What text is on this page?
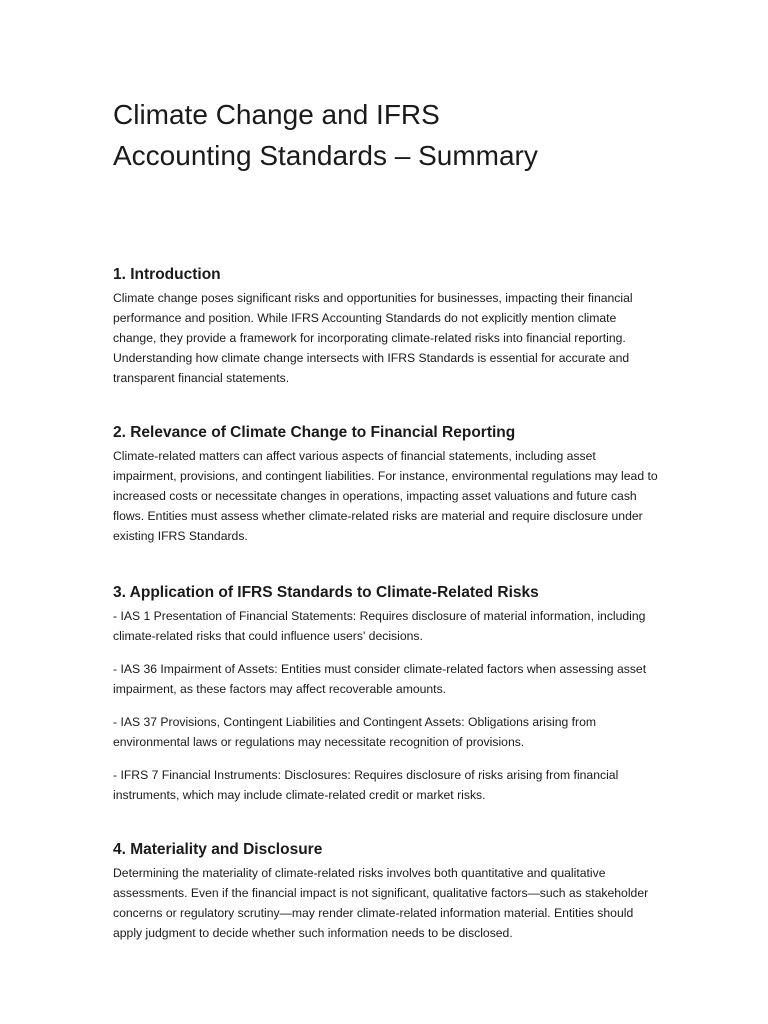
Climate Change and IFRS
Accounting Standards – Summary
1. Introduction

Climate change poses significant risks and opportunities for businesses, impacting their financial performance and position. While IFRS Accounting Standards do not explicitly mention climate change, they provide a framework for incorporating climate-related risks into financial reporting. Understanding how climate change intersects with IFRS Standards is essential for accurate and transparent financial statements.

2. Relevance of Climate Change to Financial Reporting

Climate-related matters can affect various aspects of financial statements, including asset impairment, provisions, and contingent liabilities. For instance, environmental regulations may lead to increased costs or necessitate changes in operations, impacting asset valuations and future cash flows. Entities must assess whether climate-related risks are material and require disclosure under existing IFRS Standards.

3. Application of IFRS Standards to Climate-Related Risks

- IAS 1 Presentation of Financial Statements: Requires disclosure of material information, including climate-related risks that could influence users' decisions.

- IAS 36 Impairment of Assets: Entities must consider climate-related factors when assessing asset impairment, as these factors may affect recoverable amounts.

- IAS 37 Provisions, Contingent Liabilities and Contingent Assets: Obligations arising from environmental laws or regulations may necessitate recognition of provisions.

- IFRS 7 Financial Instruments: Disclosures: Requires disclosure of risks arising from financial instruments, which may include climate-related credit or market risks.

4. Materiality and Disclosure

Determining the materiality of climate-related risks involves both quantitative and qualitative assessments. Even if the financial impact is not significant, qualitative factors—such as stakeholder concerns or regulatory scrutiny—may render climate-related information material. Entities should apply judgment to decide whether such information needs to be disclosed.
